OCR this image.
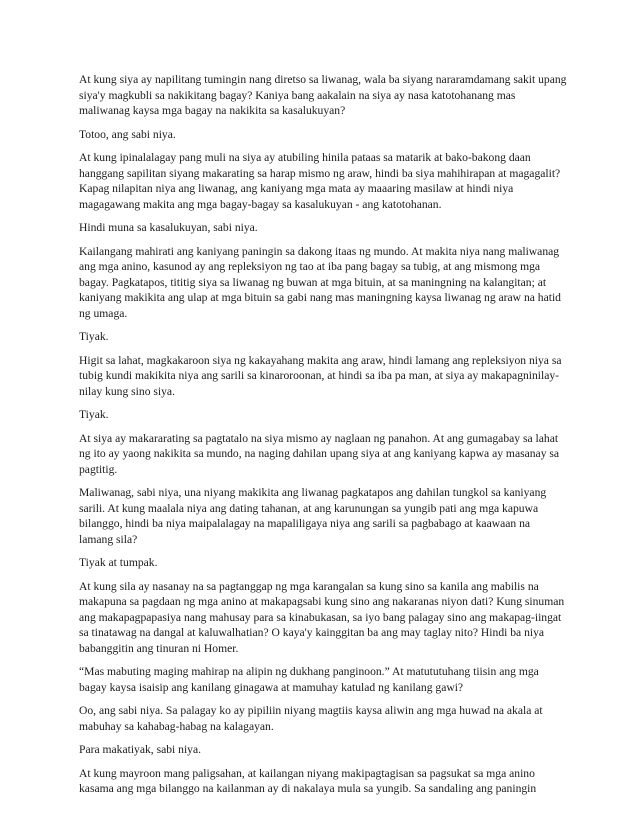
At kung siya ay napilitang tumingin nang diretso sa liwanag, wala ba siyang nararamdamang sakit upang siya'y magkubli sa nakikitang bagay? Kaniya bang aakalain na siya ay nasa katotohanang mas maliwanag kaysa mga bagay na nakikita sa kasalukuyan?

Totoo, ang sabi niya.

At kung ipinalalagay pang muli na siya ay atubiling hinila pataas sa matarik at bako-bakong daan hanggang sapilitan siyang makarating sa harap mismo ng araw, hindi ba siya mahihirapan at magagalit? Kapag nilapitan niya ang liwanag, ang kaniyang mga mata ay maaaring masilaw at hindi niya magagawang makita ang mga bagay-bagay sa kasalukuyan - ang katotohanan.

Hindi muna sa kasalukuyan, sabi niya.

Kailangang mahirati ang kaniyang paningin sa dakong itaas ng mundo. At makita niya nang maliwanag ang mga anino, kasunod ay ang repleksiyon ng tao at iba pang bagay sa tubig, at ang mismong mga bagay. Pagkatapos, tititig siya sa liwanag ng buwan at mga bituin, at sa maningning na kalangitan; at kaniyang makikita ang ulap at mga bituin sa gabi nang mas maningning kaysa liwanag ng araw na hatid ng umaga.

Tiyak.

Higit sa lahat, magkakaroon siya ng kakayahang makita ang araw, hindi lamang ang repleksiyon niya sa tubig kundi makikita niya ang sarili sa kinaroroonan, at hindi sa iba pa man, at siya ay makapagninilay-nilay kung sino siya.

Tiyak.

At siya ay makararating sa pagtatalo na siya mismo ay naglaan ng panahon. At ang gumagabay sa lahat ng ito ay yaong nakikita sa mundo, na naging dahilan upang siya at ang kaniyang kapwa ay masanay sa pagtitig.

Maliwanag, sabi niya, una niyang makikita ang liwanag pagkatapos ang dahilan tungkol sa kaniyang sarili. At kung maalala niya ang dating tahanan, at ang karunungan sa yungib pati ang mga kapuwa bilanggo, hindi ba niya maipalalagay na mapaliligaya niya ang sarili sa pagbabago at kaawaan na lamang sila?

Tiyak at tumpak.

At kung sila ay nasanay na sa pagtanggap ng mga karangalan sa kung sino sa kanila ang mabilis na makapuna sa pagdaan ng mga anino at makapagsabi kung sino ang nakaranas niyon dati? Kung sinuman ang makapagpapasiya nang mahusay para sa kinabukasan, sa iyo bang palagay sino ang makapag-iingat sa tinatawag na dangal at kaluwalhatian? O kaya'y kainggitan ba ang may taglay nito? Hindi ba niya babanggitin ang tinuran ni Homer.

“Mas mabuting maging mahirap na alipin ng dukhang panginoon.” At matututuhang tiisin ang mga bagay kaysa isaisip ang kanilang ginagawa at mamuhay katulad ng kanilang gawi?

Oo, ang sabi niya. Sa palagay ko ay pipiliin niyang magtiis kaysa aliwin ang mga huwad na akala at mabuhay sa kahabag-habag na kalagayan.

Para makatiyak, sabi niya.

At kung mayroon mang paligsahan, at kailangan niyang makipagtagisan sa pagsukat sa mga anino kasama ang mga bilanggo na kailanman ay di nakalaya mula sa yungib. Sa sandaling ang paningin
